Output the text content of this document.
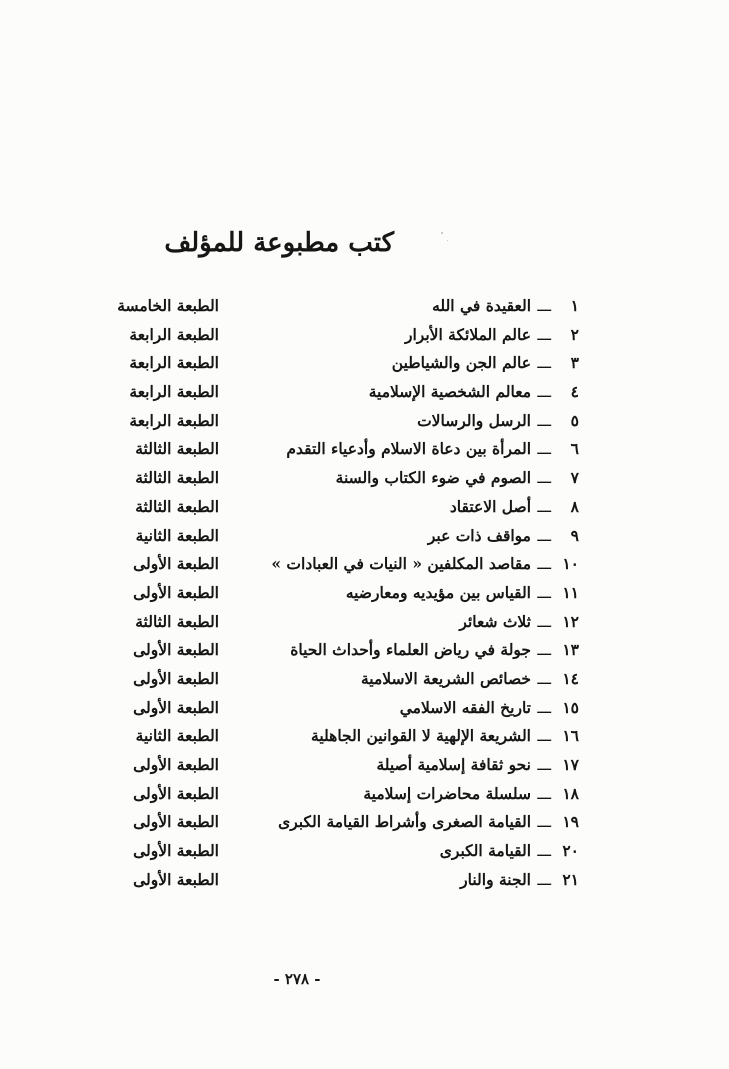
كتب مطبوعة للمؤلف
١
ـــ
العقيدة في الله
الطبعة الخامسة
٢
ـــ
عالم الملائكة الأبرار
الطبعة الرابعة
٣
ـــ
عالم الجن والشياطين
الطبعة الرابعة
٤
ـــ
معالم الشخصية الإسلامية
الطبعة الرابعة
٥
ـــ
الرسل والرسالات
الطبعة الرابعة
٦
ـــ
المرأة بين دعاة الاسلام وأدعياء التقدم
الطبعة الثالثة
٧
ـــ
الصوم في ضوء الكتاب والسنة
الطبعة الثالثة
٨
ـــ
أصل الاعتقاد
الطبعة الثالثة
٩
ـــ
مواقف ذات عبر
الطبعة الثانية
١٠
ـــ
مقاصد المكلفين « النيات في العبادات »
الطبعة الأولى
١١
ـــ
القياس بين مؤيديه ومعارضيه
الطبعة الأولى
١٢
ـــ
ثلاث شعائر
الطبعة الثالثة
١٣
ـــ
جولة في رياض العلماء وأحداث الحياة
الطبعة الأولى
١٤
ـــ
خصائص الشريعة الاسلامية
الطبعة الأولى
١٥
ـــ
تاريخ الفقه الاسلامي
الطبعة الأولى
١٦
ـــ
الشريعة الإلهية لا القوانين الجاهلية
الطبعة الثانية
١٧
ـــ
نحو ثقافة إسلامية أصيلة
الطبعة الأولى
١٨
ـــ
سلسلة محاضرات إسلامية
الطبعة الأولى
١٩
ـــ
القيامة الصغرى وأشراط القيامة الكبرى
الطبعة الأولى
٢٠
ـــ
القيامة الكبرى
الطبعة الأولى
٢١
ـــ
الجنة والنار
الطبعة الأولى
- ٢٧٨ -
